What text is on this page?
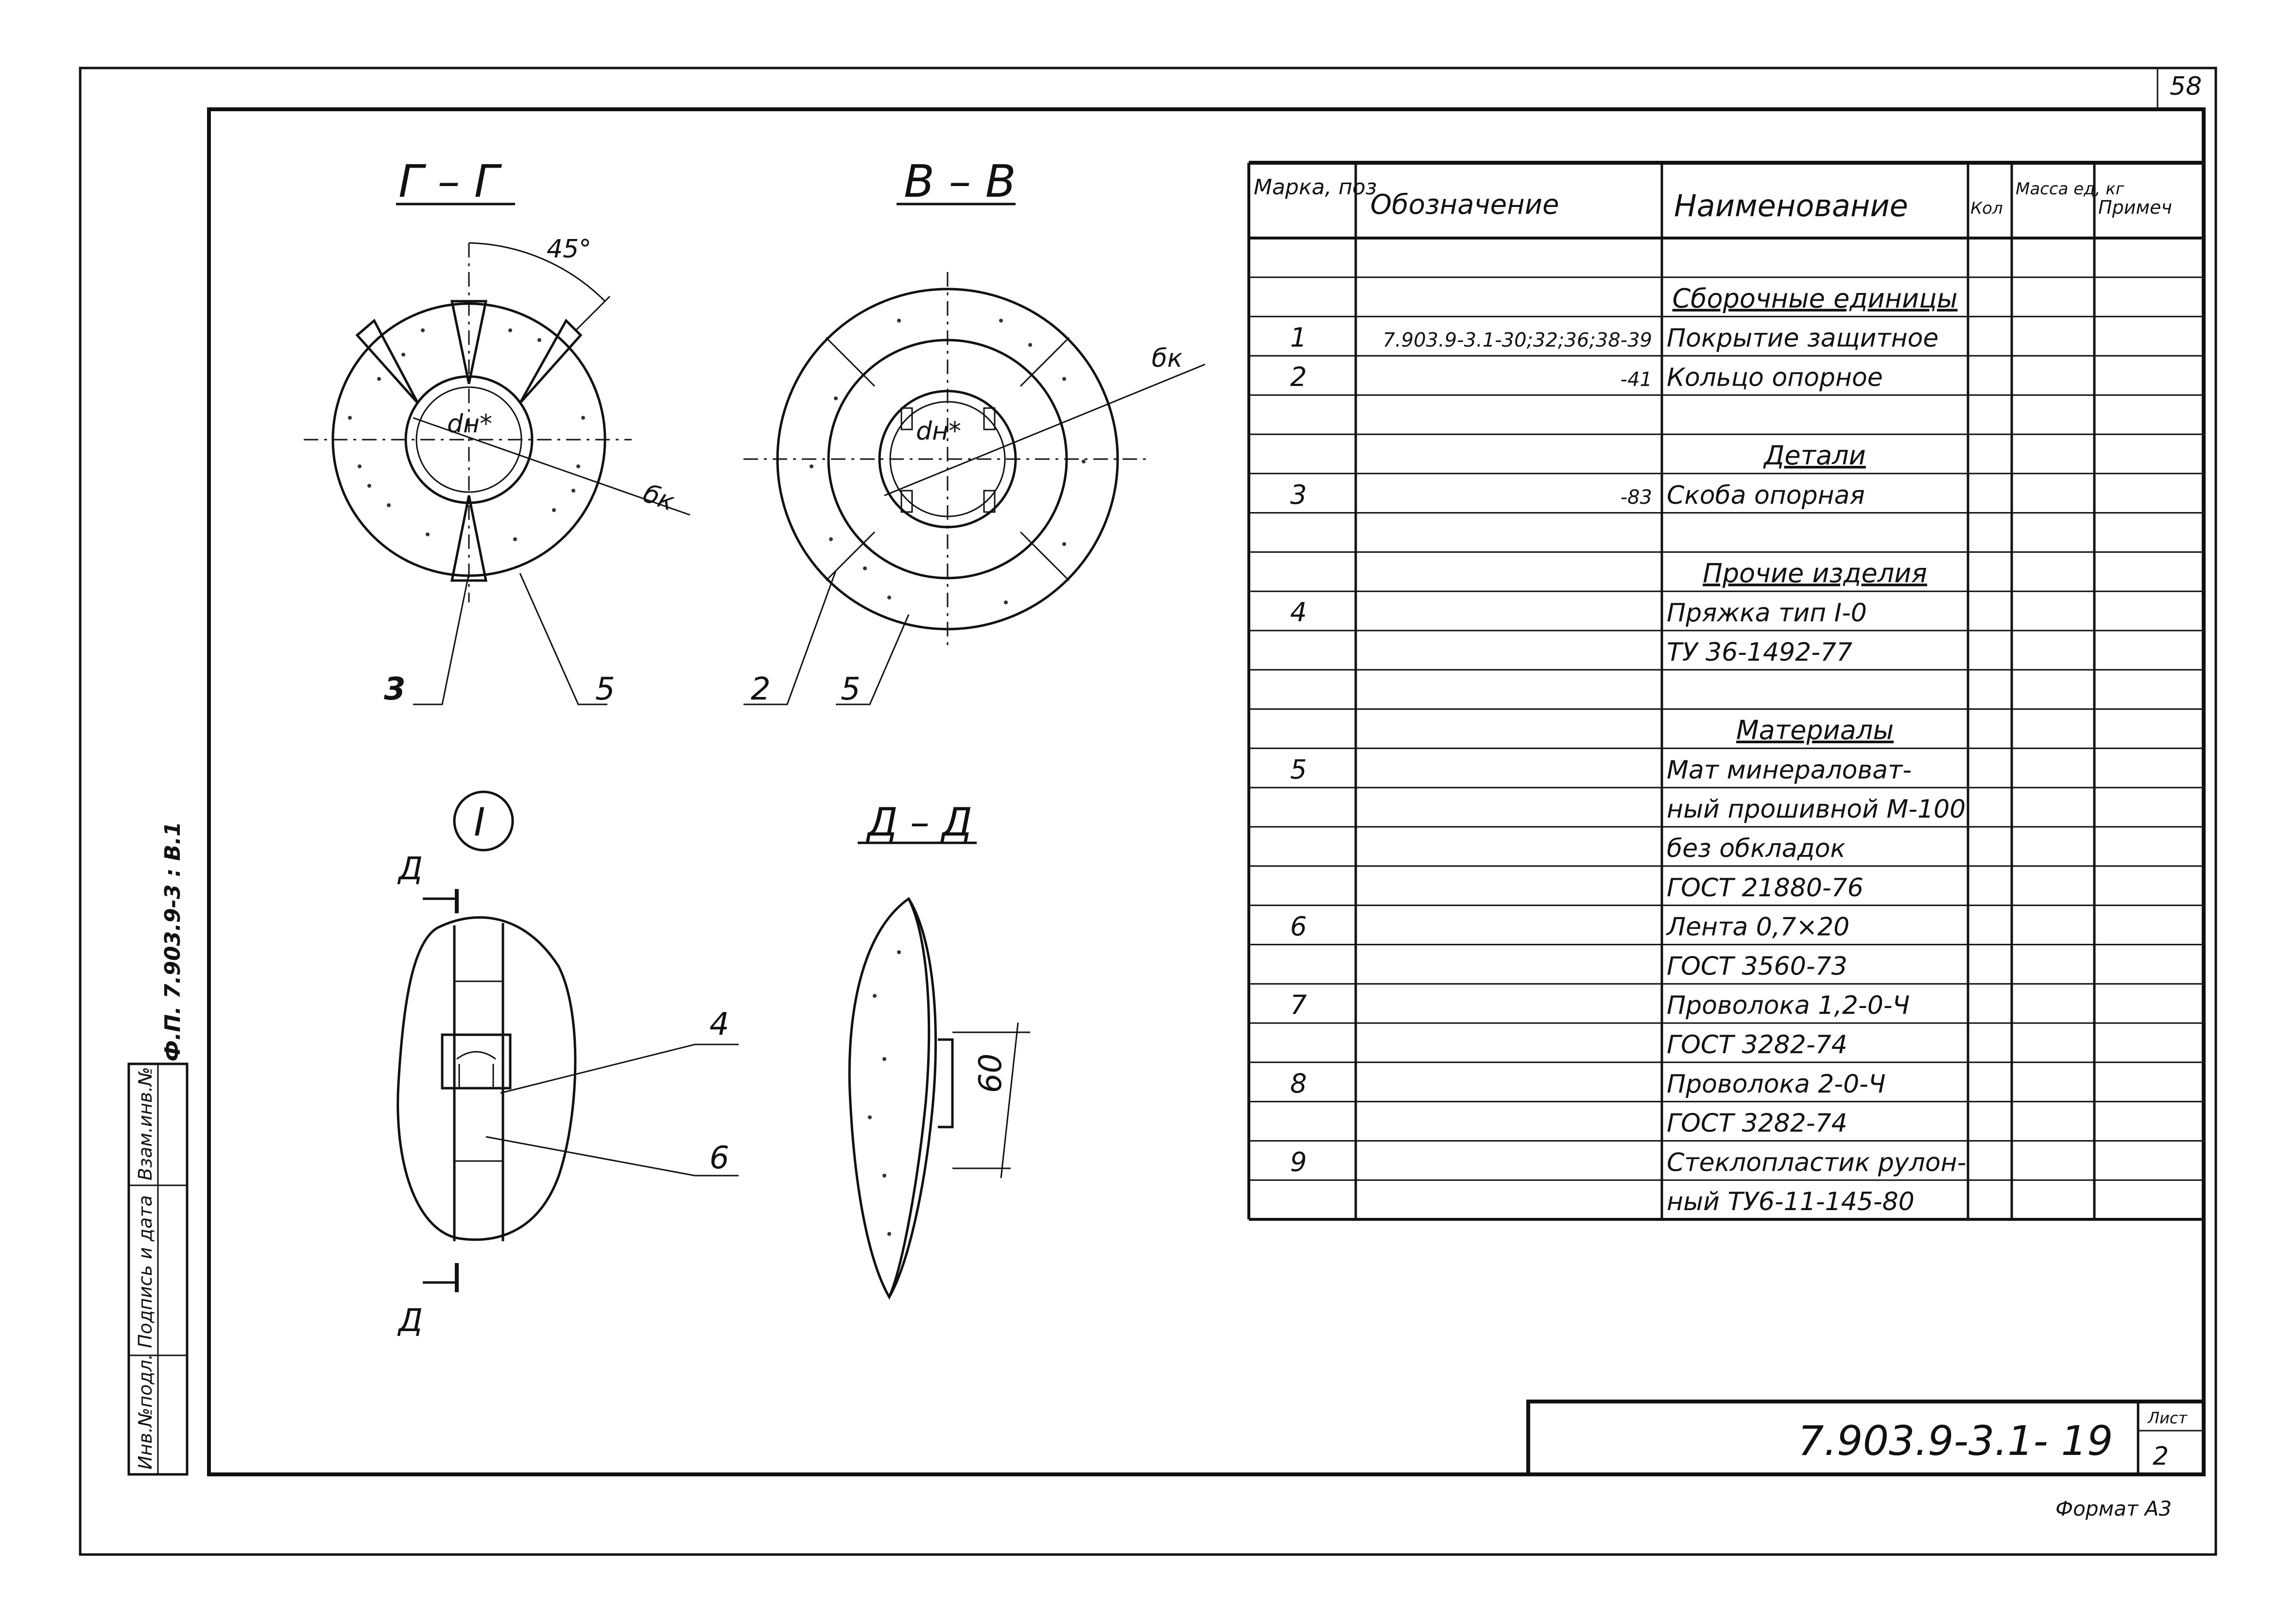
58
Инв.№подл.
Подпись и дата
Взам.инв.№
Ф.П. 7.903.9-3 : В.1
Г – Г
45°
dн*
бк
3	5
В – В
dн*
бк
2 5
I
Д
Д
4
6
Д – Д
60
Марка, поз
Обозначение	Наименование	Кол
Масса ед, кг
Примеч
Сборочные единицы
1	7.903.9-3.1-30;32;36;38-39 Покрытие защитное
2	-41 Кольцо опорное
Детали
3	-83 Скоба опорная
Прочие изделия
4	Пряжка тип I-0
ТУ 36-1492-77
Материалы
5	Мат минераловат-
ный прошивной М-100
без обкладок
ГОСТ 21880-76
6	Лента 0,7×20
ГОСТ 3560-73
7	Проволока 1,2-0-Ч
ГОСТ 3282-74
8	Проволока 2-0-Ч
ГОСТ 3282-74
9	Стеклопластик рулон-
ный ТУ6-11-145-80
7.903.9-3.1- 19 Лист
2
Формат А3
